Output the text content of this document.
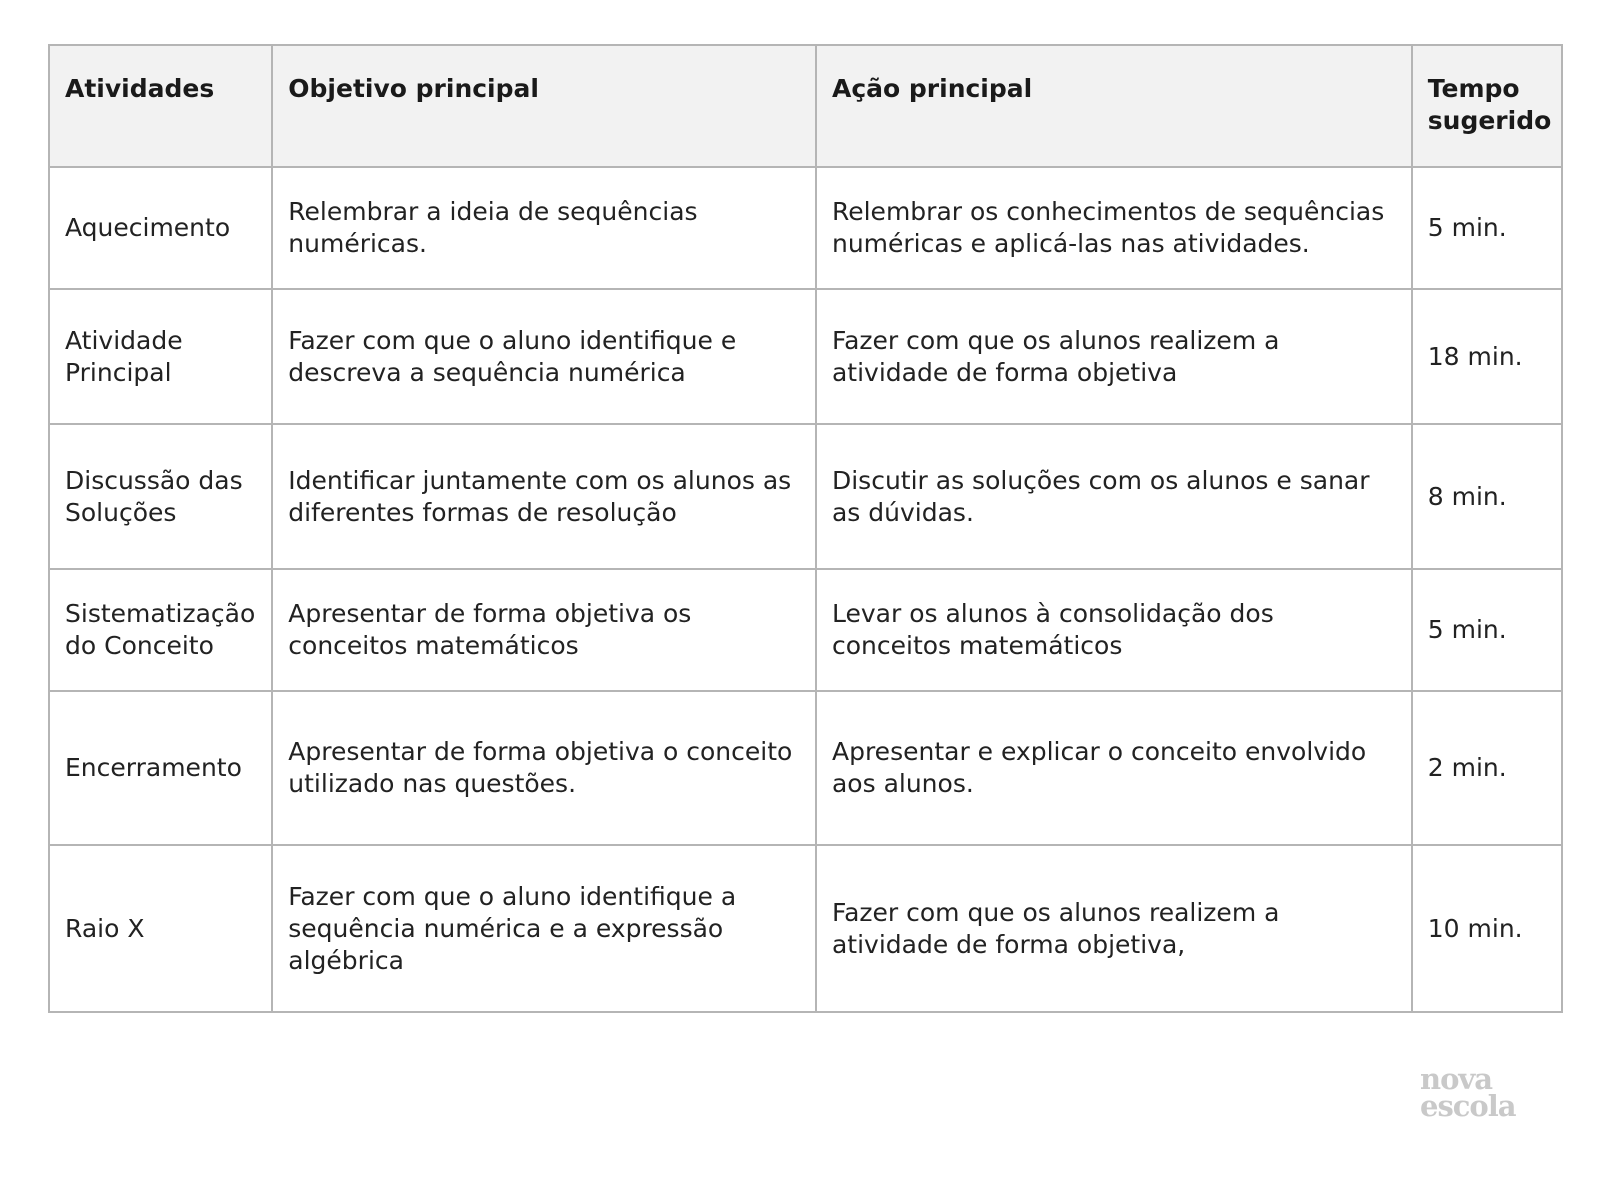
Atividades	Objetivo principal	Ação principal	Tempo sugerido
Aquecimento	Relembrar a ideia de sequências numéricas.	Relembrar os conhecimentos de sequências numéricas e aplicá-las nas atividades.	5 min.
Atividade Principal	Fazer com que o aluno identifique e descreva a sequência numérica	Fazer com que os alunos realizem a atividade de forma objetiva	18 min.
Discussão das Soluções	Identificar juntamente com os alunos as diferentes formas de resolução	Discutir as soluções com os alunos e sanar as dúvidas.	8 min.
Sistematização do Conceito	Apresentar de forma objetiva os conceitos matemáticos	Levar os alunos à consolidação dos conceitos matemáticos	5 min.
Encerramento	Apresentar de forma objetiva o conceito utilizado nas questões.	Apresentar e explicar o conceito envolvido aos alunos.	2 min.
Raio X	Fazer com que o aluno identifique a sequência numérica e a expressão algébrica	Fazer com que os alunos realizem a atividade de forma objetiva,	10 min.
nova
escola
